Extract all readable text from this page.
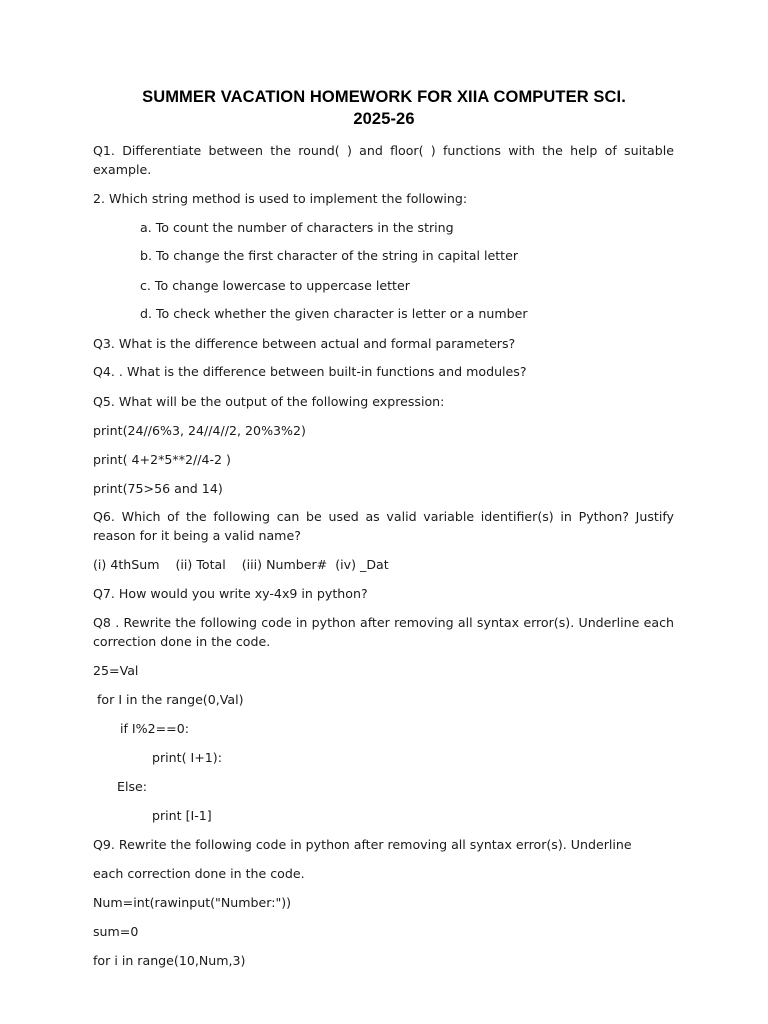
SUMMER VACATION HOMEWORK FOR XIIA COMPUTER SCI.
2025-26
Q1. Differentiate between the round( ) and floor( ) functions with the help of suitable
example.
2. Which string method is used to implement the following:
a. To count the number of characters in the string
b. To change the first character of the string in capital letter
c. To change lowercase to uppercase letter
d. To check whether the given character is letter or a number
Q3. What is the difference between actual and formal parameters?
Q4. . What is the difference between built-in functions and modules?
Q5. What will be the output of the following expression:
print(24//6%3, 24//4//2, 20%3%2)
print( 4+2*5**2//4-2 )
print(75>56 and 14)
Q6. Which of the following can be used as valid variable identifier(s) in Python? Justify
reason for it being a valid name?
(i) 4thSum    (ii) Total    (iii) Number#  (iv) _Dat
Q7. How would you write xy-4x9 in python?
Q8 . Rewrite the following code in python after removing all syntax error(s). Underline each
correction done in the code.
25=Val
for I in the range(0,Val)
if I%2==0:
print( I+1):
Else:
print [I-1]
Q9. Rewrite the following code in python after removing all syntax error(s). Underline
each correction done in the code.
Num=int(rawinput("Number:"))
sum=0
for i in range(10,Num,3)
